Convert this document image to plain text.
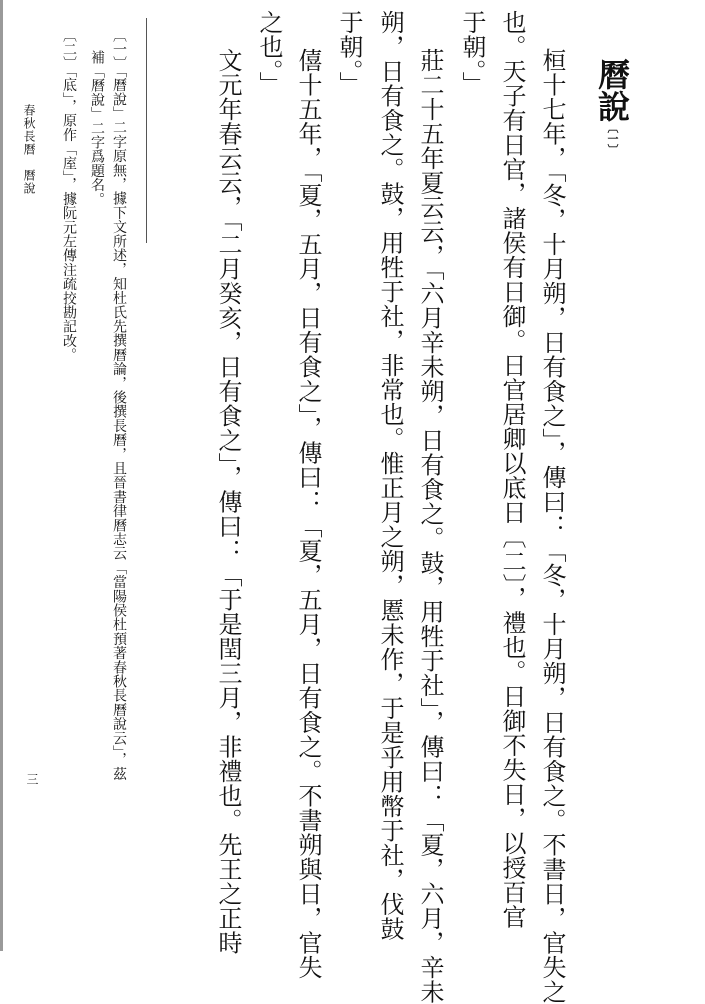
曆說〔一〕
桓十七年，「冬，十月朔，日有食之」，傳曰：「冬，十月朔，日有食之。不書日，官失之
也。天子有日官，諸侯有日御。日官居卿以底日〔二〕，禮也。日御不失日，以授百官
于朝。」
莊二十五年夏云云，「六月辛未朔，日有食之。鼓，用牲于社」，傳曰：「夏，六月，辛未
朔，日有食之。鼓，用牲于社，非常也。惟正月之朔，慝未作，于是乎用幣于社，伐鼓
于朝。」
僖十五年，「夏，五月，日有食之」，傳曰：「夏，五月，日有食之。不書朔與日，官失
之也。」
文元年春云云，「二月癸亥，日有食之」，傳曰：「于是閏三月，非禮也。先王之正時
〔一〕「曆說」二字原無，據下文所述，知杜氏先撰曆論，後撰長曆，且晉書律曆志云「當陽侯杜預著春秋長曆說云」，茲
補「曆說」二字爲題名。
〔二〕「底」，原作「庢」，據阮元左傳注疏挍勘記改。
春秋長曆　曆說
三
